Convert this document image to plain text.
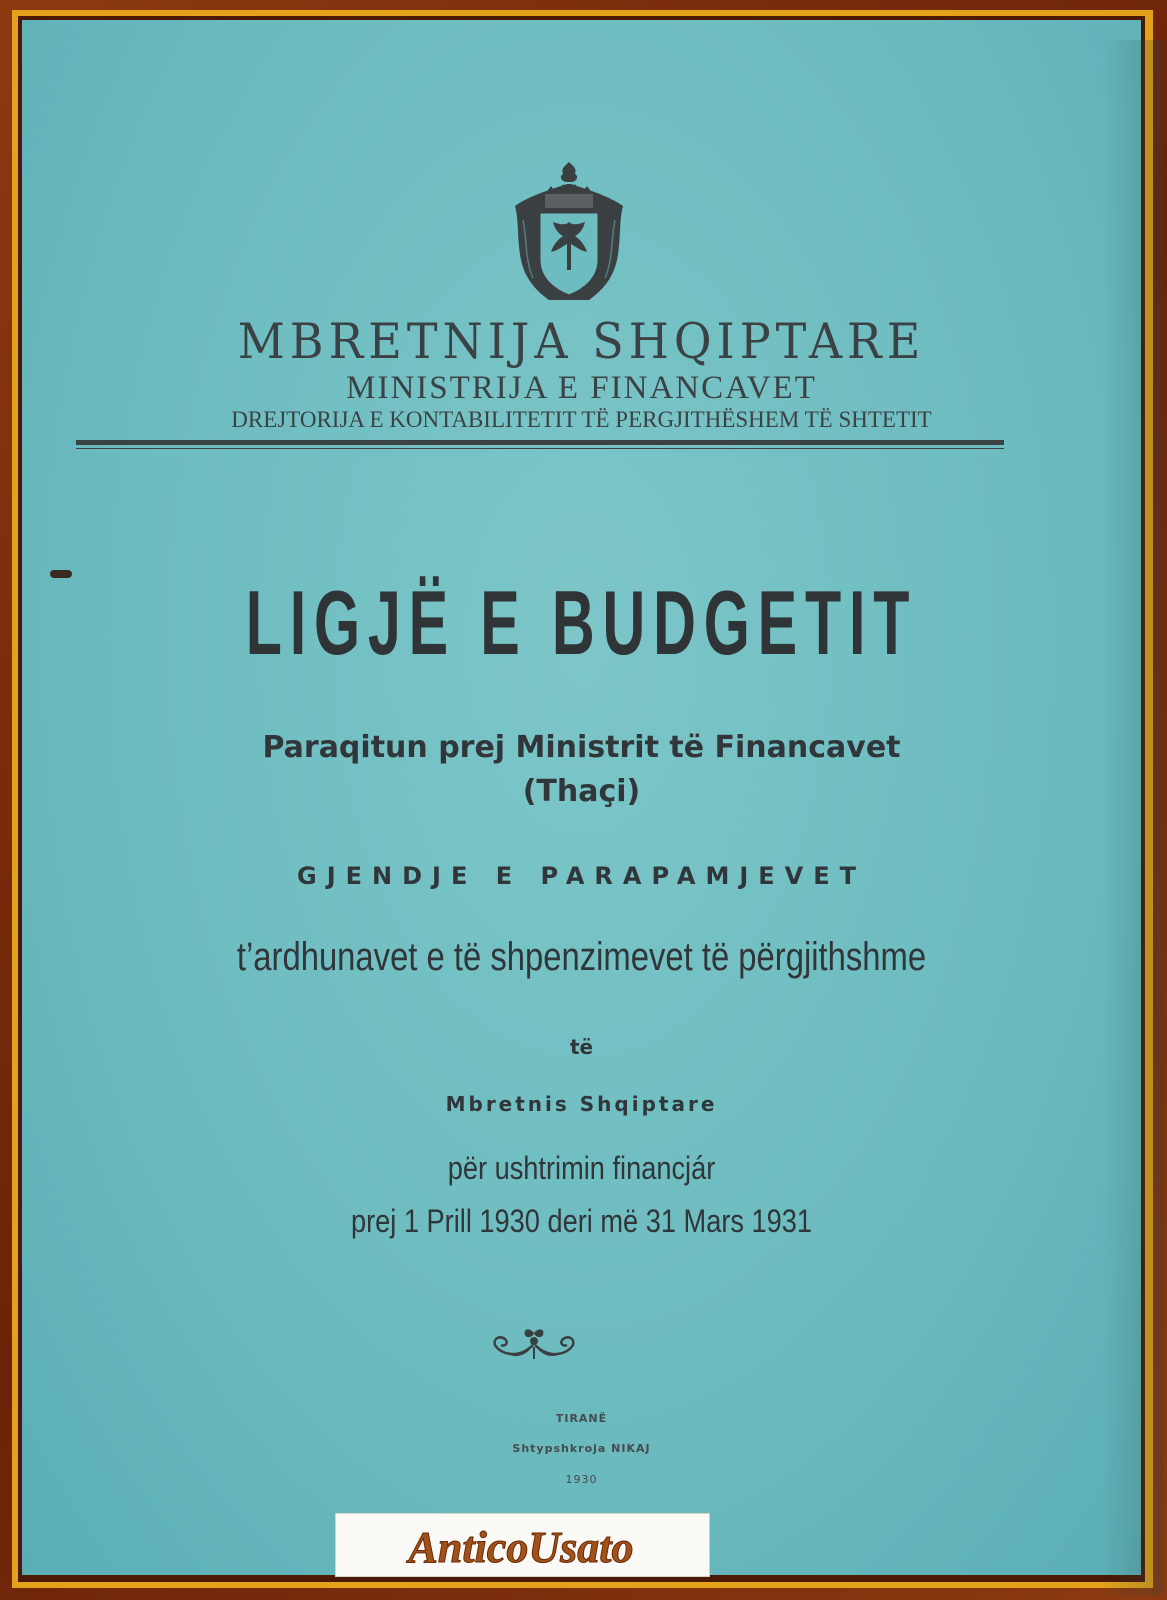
MBRETNIJA SHQIPTARE
MINISTRIJA E FINANCAVET
DREJTORIJA E KONTABILITETIT TË PERGJITHËSHEM TË SHTETIT
LIGJË E BUDGETIT
Paraqitun prej Ministrit të Financavet
(Thaçi)
GJENDJE E PARAPAMJEVET
t’ardhunavet e të shpenzimevet të përgjithshme
të
Mbretnis Shqiptare
për ushtrimin financjár
prej 1 Prill 1930 deri më 31 Mars 1931
TIRANË
Shtypshkroja NIKAJ
1930
AnticoUsato
